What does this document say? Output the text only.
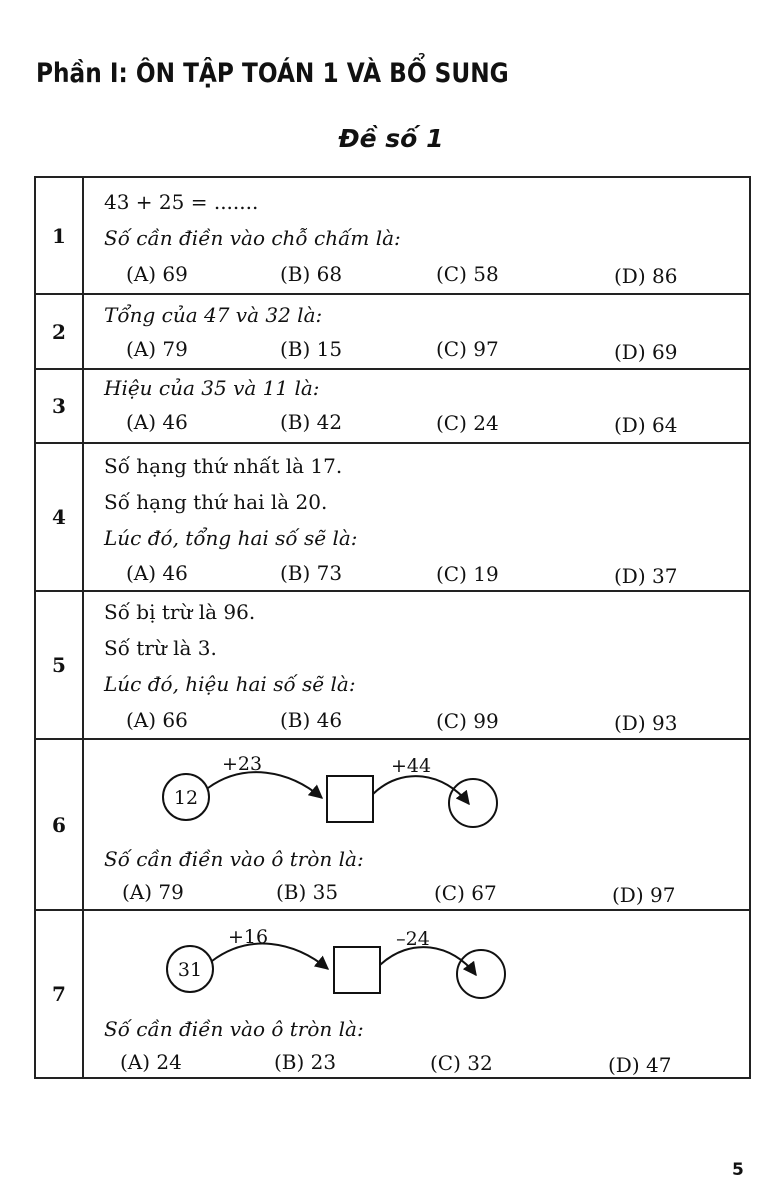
Phần I: ÔN TẬP TOÁN 1 VÀ BỔ SUNG
Đề số 1
1
43 + 25 = .......
Số cần điền vào chỗ chấm là:
(A) 69	(B) 68	(C) 58	(D) 86
2
Tổng của 47 và 32 là:
(A) 79	(B) 15	(C) 97	(D) 69
3
Hiệu của 35 và 11 là:
(A) 46	(B) 42	(C) 24	(D) 64
4
Số hạng thứ nhất là 17.
Số hạng thứ hai là 20.
Lúc đó, tổng hai số sẽ là:
(A) 46	(B) 73	(C) 19	(D) 37
5
Số bị trừ là 96.
Số trừ là 3.
Lúc đó, hiệu hai số sẽ là:
(A) 66	(B) 46	(C) 99	(D) 93
6
12
+23	+44
Số cần điền vào ô tròn là:
(A) 79	(B) 35	(C) 67	(D) 97
7
31
+16	–24
Số cần điền vào ô tròn là:
(A) 24	(B) 23	(C) 32	(D) 47
5
